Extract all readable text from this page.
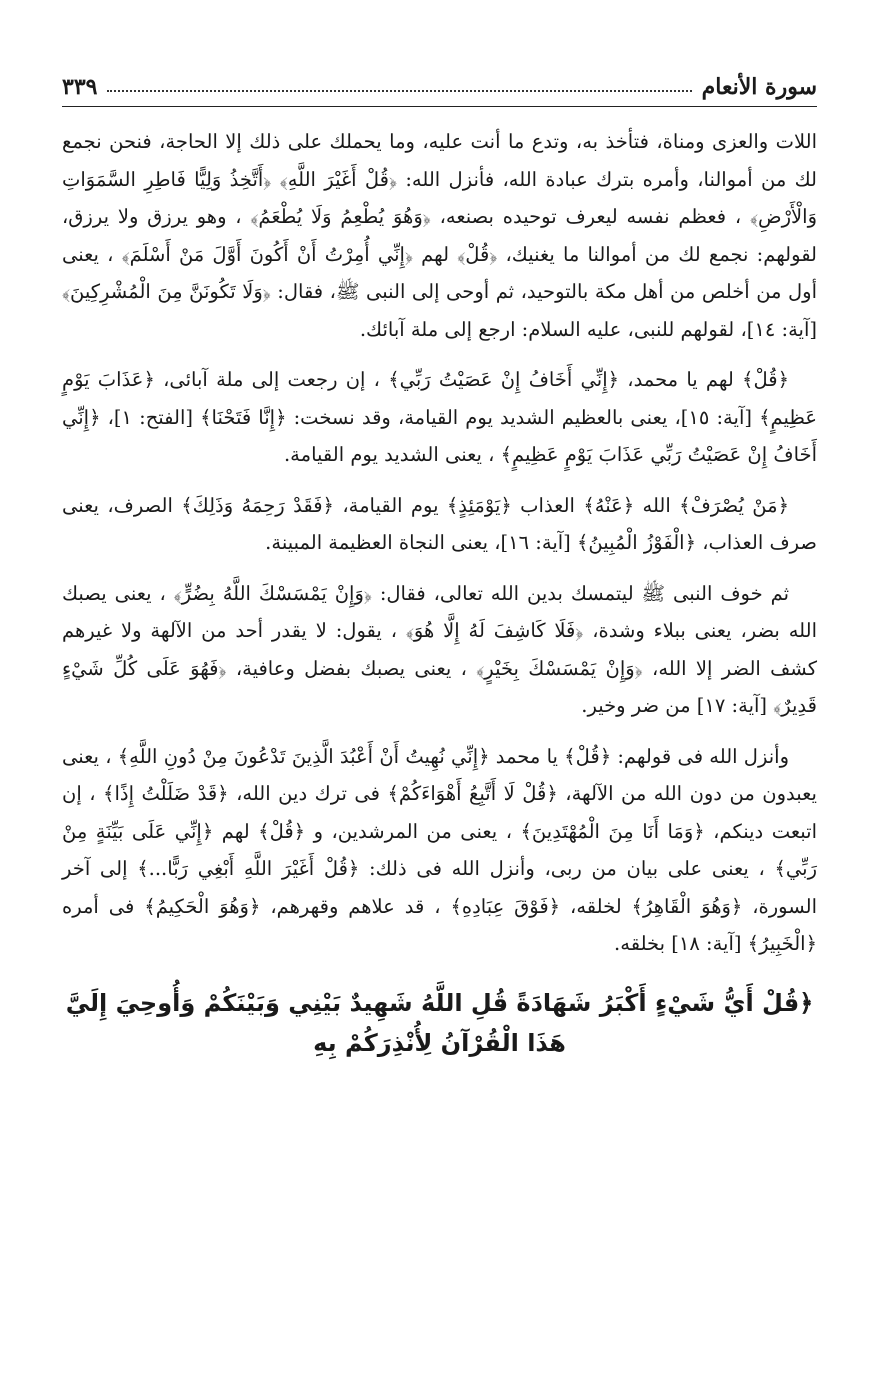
سورة الأنعام
٣٣٩

اللات والعزى ومناة، فتأخذ به، وتدع ما أنت عليه، وما يحملك على ذلك إلا الحاجة، فنحن نجمع لك من أموالنا، وأمره بترك عبادة الله، فأنزل الله: ﴿قُلْ أَغَيْرَ اللَّهِ﴾ ﴿أَتَّخِذُ وَلِيًّا فَاطِرِ السَّمَوَاتِ وَالْأَرْضِ﴾ ، فعظم نفسه ليعرف توحيده بصنعه، ﴿وَهُوَ يُطْعِمُ وَلَا يُطْعَمُ﴾ ، وهو يرزق ولا يرزق، لقولهم: نجمع لك من أموالنا ما يغنيك، ﴿قُلْ﴾ لهم ﴿إِنِّي أُمِرْتُ أَنْ أَكُونَ أَوَّلَ مَنْ أَسْلَمَ﴾ ، يعنى أول من أخلص من أهل مكة بالتوحيد، ثم أوحى إلى النبى ﷺ، فقال: ﴿وَلَا تَكُونَنَّ مِنَ الْمُشْرِكِينَ﴾ [آية: ١٤]، لقولهم للنبى، عليه السلام: ارجع إلى ملة آبائك.

﴿قُلْ﴾ لهم يا محمد، ﴿إِنِّي أَخَافُ إِنْ عَصَيْتُ رَبِّي﴾ ، إن رجعت إلى ملة آبائى، ﴿عَذَابَ يَوْمٍ عَظِيمٍ﴾ [آية: ١٥]، يعنى بالعظيم الشديد يوم القيامة، وقد نسخت: ﴿إِنَّا فَتَحْنَا﴾ [الفتح: ١]، ﴿إِنِّي أَخَافُ إِنْ عَصَيْتُ رَبِّي عَذَابَ يَوْمٍ عَظِيمٍ﴾ ، يعنى الشديد يوم القيامة.

﴿مَنْ يُصْرَفْ﴾ الله ﴿عَنْهُ﴾ العذاب ﴿يَوْمَئِذٍ﴾ يوم القيامة، ﴿فَقَدْ رَحِمَهُ وَذَلِكَ﴾ الصرف، يعنى صرف العذاب، ﴿الْفَوْزُ الْمُبِينُ﴾ [آية: ١٦]، يعنى النجاة العظيمة المبينة.

ثم خوف النبى ﷺ ليتمسك بدين الله تعالى، فقال: ﴿وَإِنْ يَمْسَسْكَ اللَّهُ بِضُرٍّ﴾ ، يعنى يصبك الله بضر، يعنى ببلاء وشدة، ﴿فَلَا كَاشِفَ لَهُ إِلَّا هُوَ﴾ ، يقول: لا يقدر أحد من الآلهة ولا غيرهم كشف الضر إلا الله، ﴿وَإِنْ يَمْسَسْكَ بِخَيْرٍ﴾ ، يعنى يصبك بفضل وعافية، ﴿فَهُوَ عَلَى كُلِّ شَيْءٍ قَدِيرٌ﴾ [آية: ١٧] من ضر وخير.

وأنزل الله فى قولهم: ﴿قُلْ﴾ يا محمد ﴿إِنِّي نُهِيتُ أَنْ أَعْبُدَ الَّذِينَ تَدْعُونَ مِنْ دُونِ اللَّهِ﴾ ، يعنى يعبدون من دون الله من الآلهة، ﴿قُلْ لَا أَتَّبِعُ أَهْوَاءَكُمْ﴾ فى ترك دين الله، ﴿قَدْ ضَلَلْتُ إِذًا﴾ ، إن اتبعت دينكم، ﴿وَمَا أَنَا مِنَ الْمُهْتَدِينَ﴾ ، يعنى من المرشدين، و ﴿قُلْ﴾ لهم ﴿إِنِّي عَلَى بَيِّنَةٍ مِنْ رَبِّي﴾ ، يعنى على بيان من ربى، وأنزل الله فى ذلك: ﴿قُلْ أَغَيْرَ اللَّهِ أَبْغِي رَبًّا...﴾ إلى آخر السورة، ﴿وَهُوَ الْقَاهِرُ﴾ لخلقه، ﴿فَوْقَ عِبَادِهِ﴾ ، قد علاهم وقهرهم، ﴿وَهُوَ الْحَكِيمُ﴾ فى أمره ﴿الْخَبِيرُ﴾ [آية: ١٨] بخلقه.

﴿قُلْ أَيُّ شَيْءٍ أَكْبَرُ شَهَادَةً قُلِ اللَّهُ شَهِيدٌ بَيْنِي وَبَيْنَكُمْ وَأُوحِيَ إِلَيَّ هَذَا الْقُرْآنُ لِأُنْذِرَكُمْ بِهِ
